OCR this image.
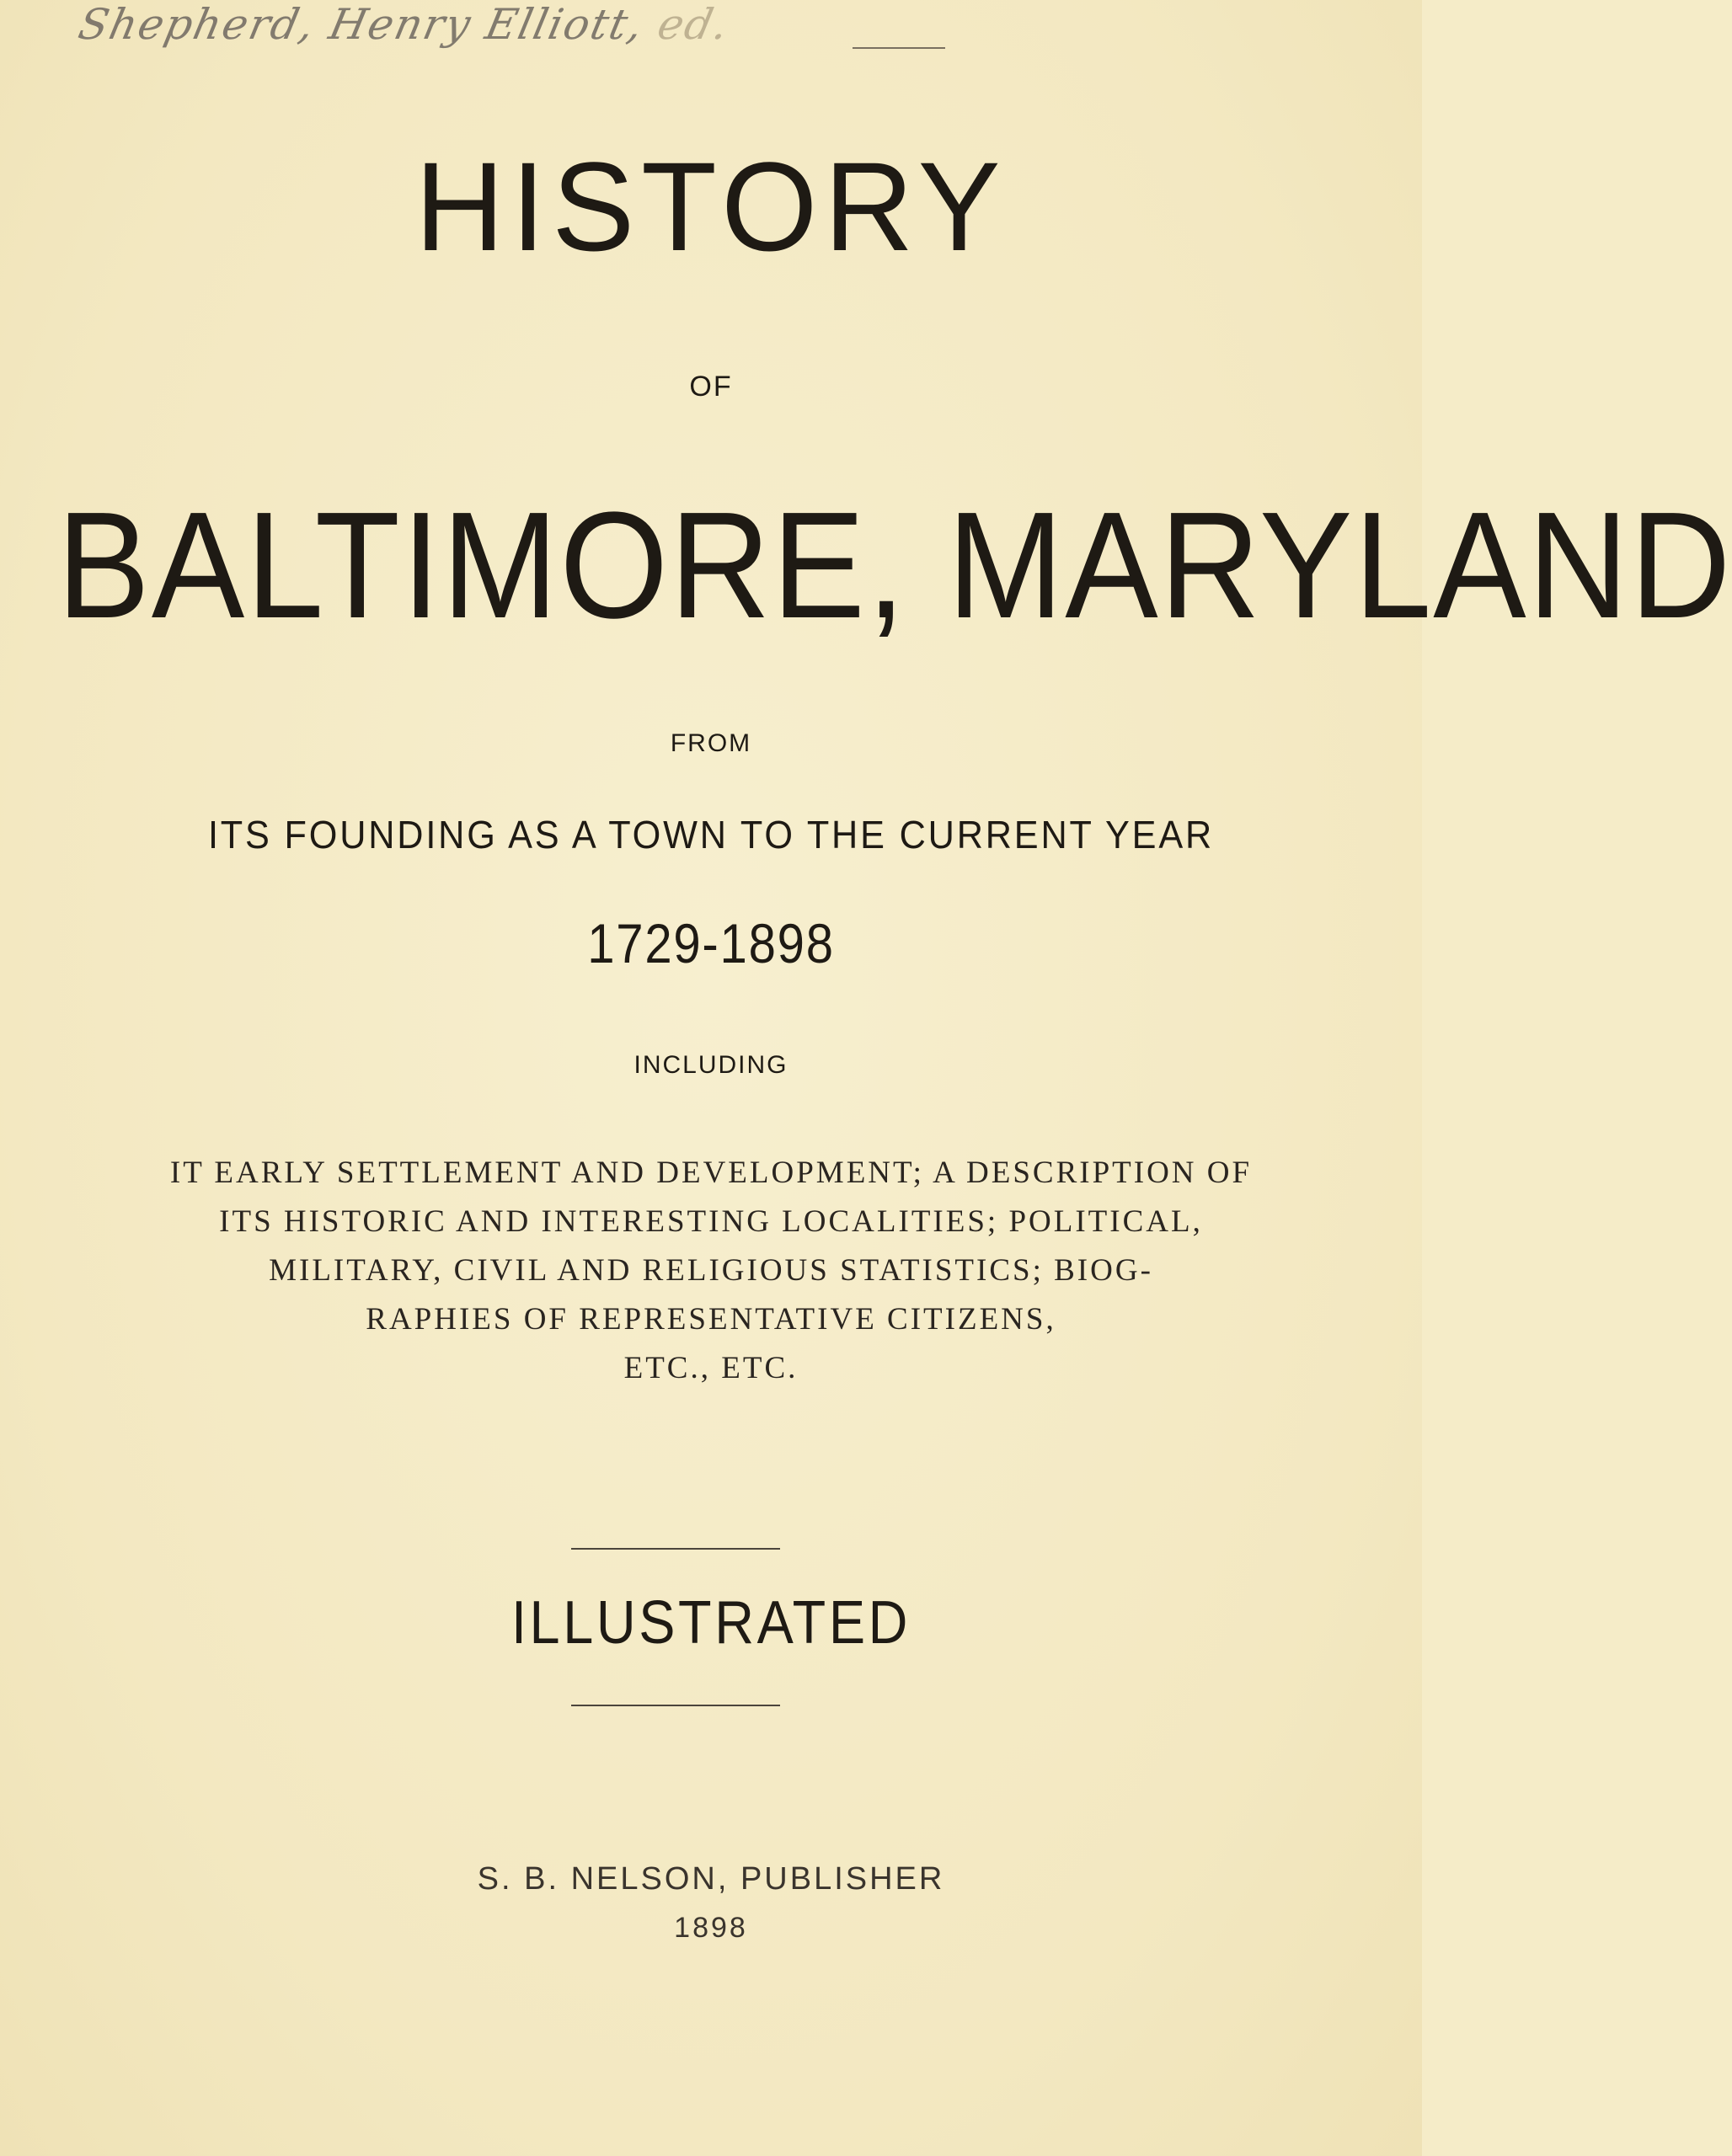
Shepherd, Henry Elliott, ed.
HISTORY
OF
BALTIMORE, MARYLAND
FROM
ITS FOUNDING AS A TOWN TO THE CURRENT YEAR
1729-1898
INCLUDING
IT EARLY SETTLEMENT AND DEVELOPMENT; A DESCRIPTION OF
ITS HISTORIC AND INTERESTING LOCALITIES; POLITICAL,
MILITARY, CIVIL AND RELIGIOUS STATISTICS; BIOG-
RAPHIES OF REPRESENTATIVE CITIZENS,
ETC., ETC.
ILLUSTRATED
S. B. NELSON, PUBLISHER
1898
